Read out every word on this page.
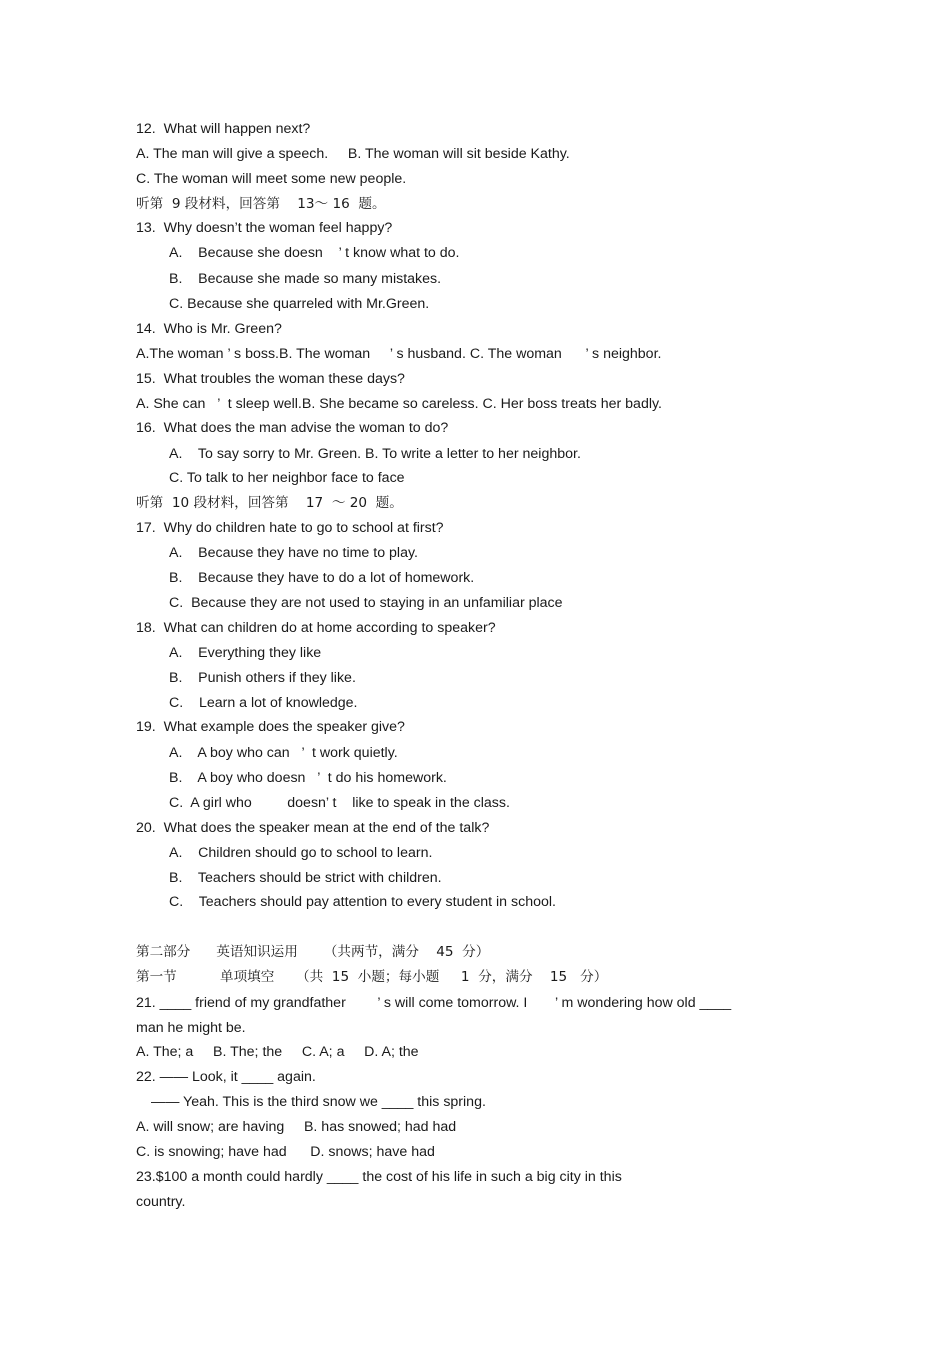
12.  What will happen next?
A. The man will give a speech.     B. The woman will sit beside Kathy.
C. The woman will meet some new people.
听第  9 段材料，回答第    13～ 16  题。
13.  Why doesn’t the woman feel happy?
A.    Because she doesn    ’ t know what to do.
B.    Because she made so many mistakes.
C. Because she quarreled with Mr.Green.
14.  Who is Mr. Green?
A.The woman ’ s boss.B. The woman     ’ s husband. C. The woman      ’ s neighbor.
15.  What troubles the woman these days?
A. She can   ’  t sleep well.B. She became so careless. C. Her boss treats her badly.
16.  What does the man advise the woman to do?
A.    To say sorry to Mr. Green. B. To write a letter to her neighbor.
C. To talk to her neighbor face to face
听第  10 段材料，回答第    17  ～ 20  题。
17.  Why do children hate to go to school at first?
A.    Because they have no time to play.
B.    Because they have to do a lot of homework.
C.  Because they are not used to staying in an unfamiliar place
18.  What can children do at home according to speaker?
A.    Everything they like
B.    Punish others if they like.
C.    Learn a lot of knowledge.
19.  What example does the speaker give?
A.    A boy who can   ’  t work quietly.
B.    A boy who doesn   ’  t do his homework.
C.  A girl who         doesn’ t    like to speak in the class.
20.  What does the speaker mean at the end of the talk?
A.    Children should go to school to learn.
B.    Teachers should be strict with children.
C.    Teachers should pay attention to every student in school.
第二部分      英语知识运用      （共两节，满分    45  分）
第一节          单项填空     （共  15  小题；每小题     1  分，满分    15   分）
21. ____ friend of my grandfather        ’ s will come tomorrow. I       ’ m wondering how old ____
man he might be.
A. The; a     B. The; the     C. A; a     D. A; the
22. —— Look, it ____ again.
—— Yeah. This is the third snow we ____ this spring.
A. will snow; are having     B. has snowed; had had
C. is snowing; have had      D. snows; have had
23.$100 a month could hardly ____ the cost of his life in such a big city in this
country.
